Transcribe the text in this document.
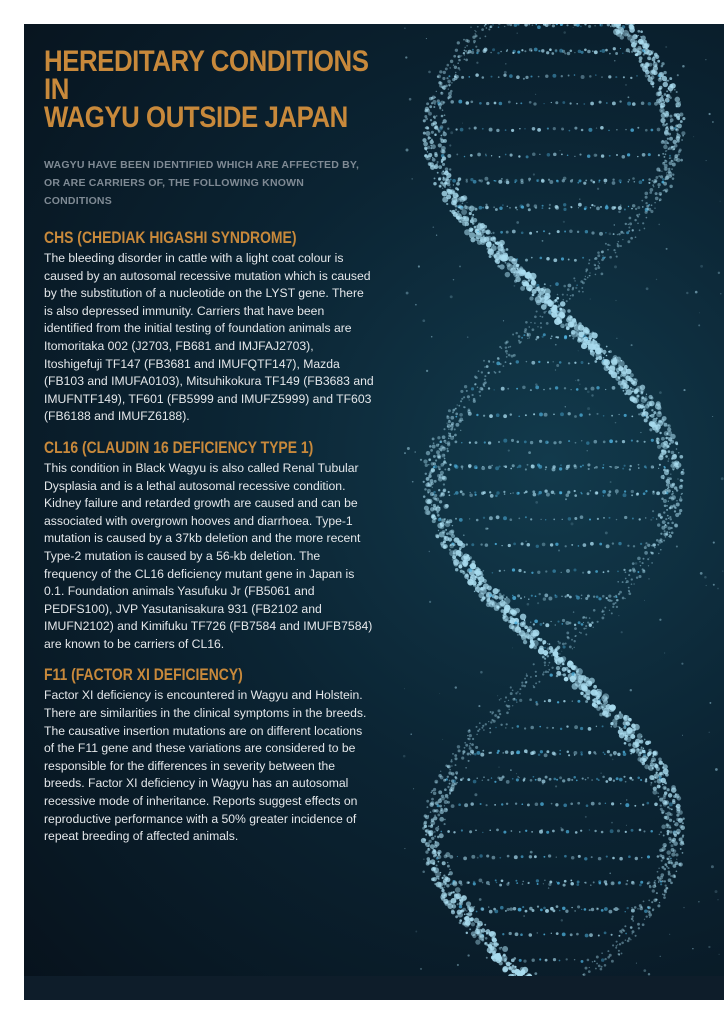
HEREDITARY CONDITIONS IN
WAGYU OUTSIDE JAPAN

WAGYU HAVE BEEN IDENTIFIED WHICH ARE AFFECTED BY, OR ARE CARRIERS OF, THE FOLLOWING KNOWN CONDITIONS

CHS (CHEDIAK HIGASHI SYNDROME)

The bleeding disorder in cattle with a light coat colour is caused by an autosomal recessive mutation which is caused by the substitution of a nucleotide on the LYST gene. There is also depressed immunity. Carriers that have been identified from the initial testing of foundation animals are Itomoritaka 002 (J2703, FB681 and IMJFAJ2703), Itoshigefuji TF147 (FB3681 and IMUFQTF147), Mazda (FB103 and IMUFA0103), Mitsuhikokura TF149 (FB3683 and IMUFNTF149), TF601 (FB5999 and IMUFZ5999) and TF603 (FB6188 and IMUFZ6188).

CL16 (CLAUDIN 16 DEFICIENCY TYPE 1)

This condition in Black Wagyu is also called Renal Tubular Dysplasia and is a lethal autosomal recessive condition. Kidney failure and retarded growth are caused and can be associated with overgrown hooves and diarrhoea. Type-1 mutation is caused by a 37kb deletion and the more recent Type-2 mutation is caused by a 56-kb deletion. The frequency of the CL16 deficiency mutant gene in Japan is 0.1. Foundation animals Yasufuku Jr (FB5061 and PEDFS100), JVP Yasutanisakura 931 (FB2102 and IMUFN2102) and Kimifuku TF726 (FB7584 and IMUFB7584) are known to be carriers of CL16.

F11 (FACTOR XI DEFICIENCY)

Factor XI deficiency is encountered in Wagyu and Holstein. There are similarities in the clinical symptoms in the breeds. The causative insertion mutations are on different locations of the F11 gene and these variations are considered to be responsible for the differences in severity between the breeds. Factor XI deficiency in Wagyu has an autosomal recessive mode of inheritance. Reports suggest effects on reproductive performance with a 50% greater incidence of repeat breeding of affected animals.
